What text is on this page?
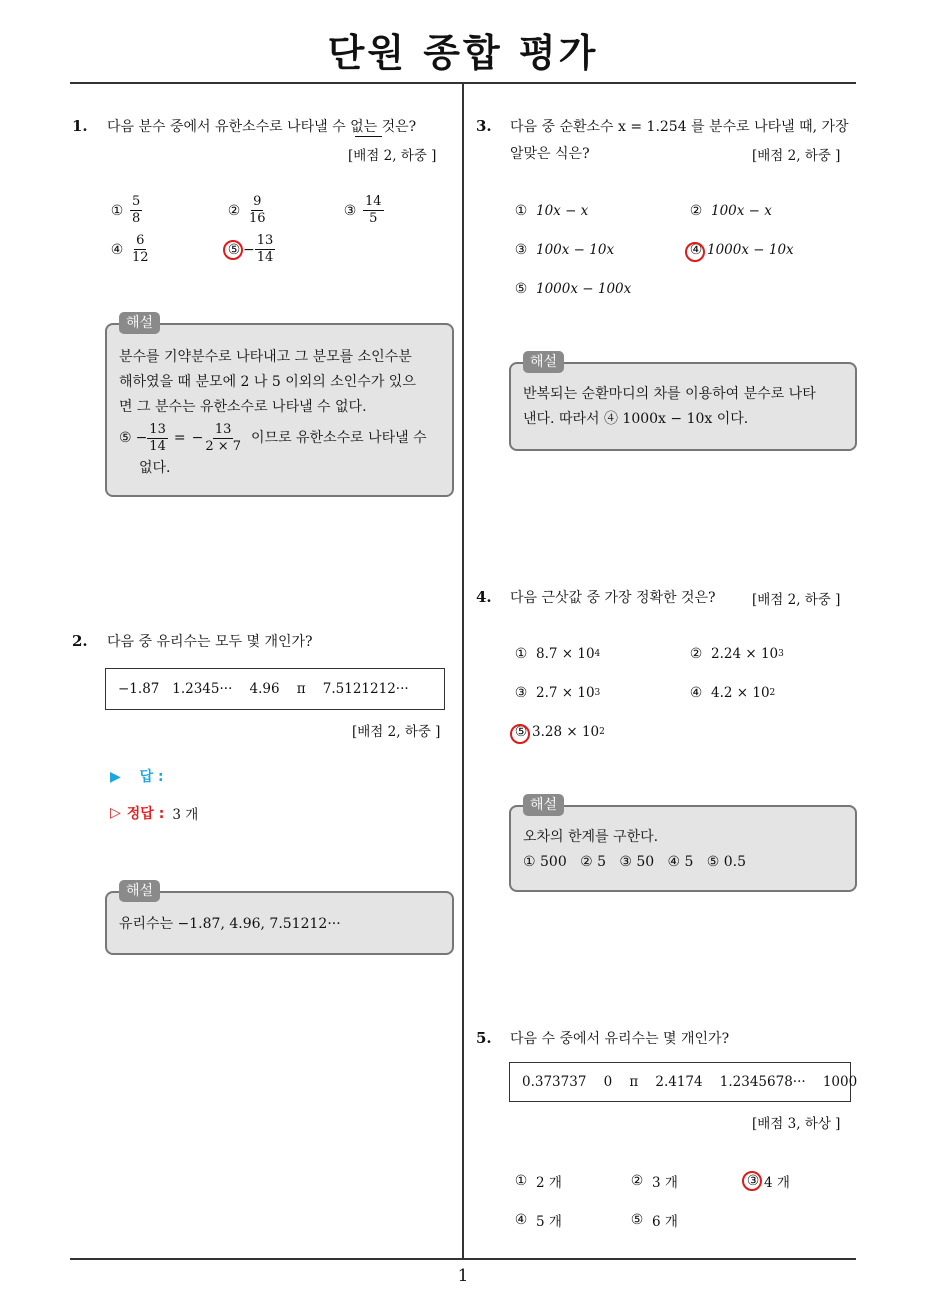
단원 종합 평가
1
1. 다음 분수 중에서 유한소수로 나타낼 수 없는 것은?
[배점 2, 하중 ]
① $\frac{5}{8}$	② $\frac{9}{16}$	③ $\frac{14}{5}$
④ $\frac{6}{12}$	⑤ − $\frac{13}{14}$
분수를 기약분수로 나타내고 그 분모를 소인수분
해하였을 때 분모에 2 나 5 이외의 소인수가 있으
면 그 분수는 유한소수로 나타낼 수 없다.
⑤ − $\frac{13}{14}$ = − $\frac{13}{2 \times 7}$ 이므로 유한소수로 나타낼 수
없다.
해설
2. 다음 중 유리수는 모두 몇 개인가?
−1.87̇   1.2345···    4.96    π    7.5121212···
[배점 2, 하중 ]
▶ 답 :
▷ 정답 : 3 개
유리수는 −1.87̇, 4.96, 7.51212···
해설
3. 다음 중 순환소수 x = 1.25̇4̇ 를 분수로 나타낼 때, 가장
알맞은 식은?	[배점 2, 하중 ]
① 10x − x	② 100x − x
③ 100x − 10x	④ 1000x − 10x
⑤ 1000x − 100x
반복되는 순환마디의 차를 이용하여 분수로 나타
낸다. 따라서 ④ 1000x − 10x 이다.
해설
4. 다음 근삿값 중 가장 정확한 것은?	[배점 2, 하중 ]
① 8.7 × 10 4	② 2.24 × 10 3
③ 2.7 × 10 3	④ 4.2 × 10 2
⑤ 3.28 × 10 2
오차의 한계를 구한다.
① 500   ② 5   ③ 50   ④ 5   ⑤ 0.5
해설
5. 다음 수 중에서 유리수는 몇 개인가?
0.373737    0    π    2.4174    1.2345678···    1000
[배점 3, 하상 ]
① 2 개	② 3 개	③ 4 개
④ 5 개	⑤ 6 개
